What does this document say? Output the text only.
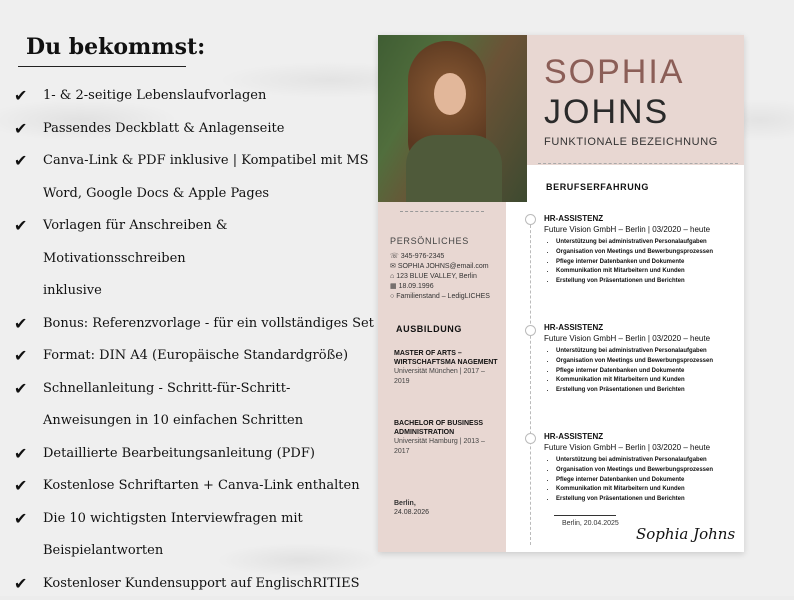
Du bekommst:
✔	1- & 2-seitige Lebenslaufvorlagen
✔	Passendes Deckblatt & Anlagenseite
✔	Canva-Link & PDF inklusive | Kompatibel mit MS
Word, Google Docs & Apple Pages
✔	Vorlagen für Anschreiben & Motivationsschreiben
inklusive
✔	Bonus: Referenzvorlage - für ein vollständiges Set
✔	Format: DIN A4 (Europäische Standardgröße)
✔	Schnellanleitung - Schritt-für-Schritt-
Anweisungen in 10 einfachen Schritten
✔	Detaillierte Bearbeitungsanleitung (PDF)
✔	Kostenlose Schriftarten + Canva-Link enthalten
✔	Die 10 wichtigsten Interviewfragen mit
Beispielantworten
✔	Kostenloser Kundensupport auf EnglischRITIES
SOPHIA
JOHNS
FUNKTIONALE BEZEICHNUNG
BERUFSERFAHRUNG
PERSÖNLICHES
☏ 345-976-2345
✉ SOPHIA JOHNS@email.com
⌂ 123 BLUE VALLEY, Berlin
▦ 18.09.1996
○ Familienstand – LedigLICHES
AUSBILDUNG
MASTER OF ARTS – WIRTSCHAFTSMA NAGEMENT
Universität München | 2017 – 2019
BACHELOR OF BUSINESS ADMINISTRATION
Universität Hamburg | 2013 – 2017
Berlin,
24.08.2026
HR-ASSISTENZ
Future Vision GmbH – Berlin | 03/2020 – heute
• Unterstützung bei administrativen Personalaufgaben
• Organisation von Meetings und Bewerbungsprozessen
• Pflege interner Datenbanken und Dokumente
• Kommunikation mit Mitarbeitern und Kunden
• Erstellung von Präsentationen und Berichten
HR-ASSISTENZ
Future Vision GmbH – Berlin | 03/2020 – heute
• Unterstützung bei administrativen Personalaufgaben
• Organisation von Meetings und Bewerbungsprozessen
• Pflege interner Datenbanken und Dokumente
• Kommunikation mit Mitarbeitern und Kunden
• Erstellung von Präsentationen und Berichten
HR-ASSISTENZ
Future Vision GmbH – Berlin | 03/2020 – heute
• Unterstützung bei administrativen Personalaufgaben
• Organisation von Meetings und Bewerbungsprozessen
• Pflege interner Datenbanken und Dokumente
• Kommunikation mit Mitarbeitern und Kunden
• Erstellung von Präsentationen und Berichten
Berlin, 20.04.2025
Sophia Johns
